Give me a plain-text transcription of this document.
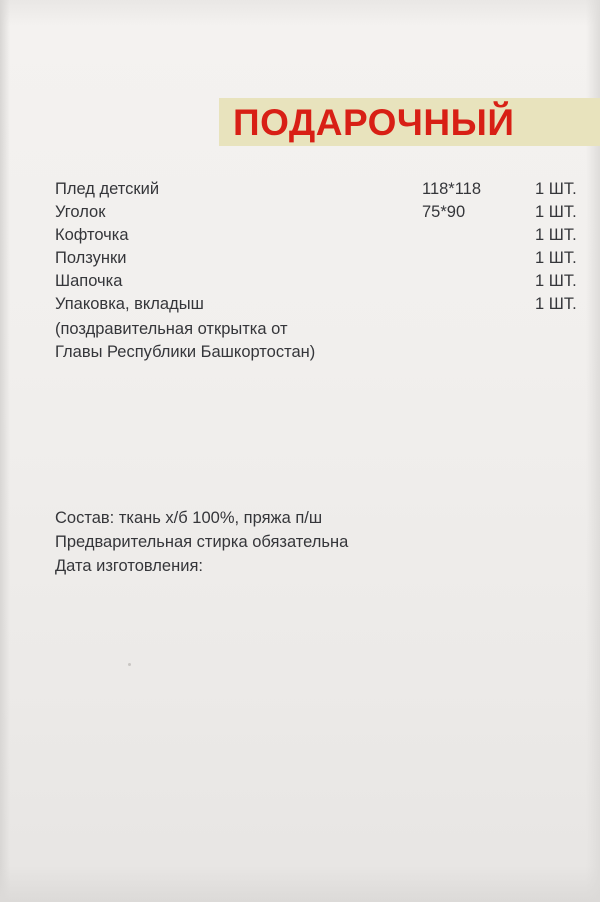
ПОДАРОЧНЫЙ
Плед детский	118*118	1 ШТ.
Уголок	75*90	1 ШТ.
Кофточка	1 ШТ.
Ползунки	1 ШТ.
Шапочка	1 ШТ.
Упаковка, вкладыш	1 ШТ.
(поздравительная открытка от
Главы Республики Башкортостан)
Состав: ткань х/б 100%, пряжа п/ш
Предварительная стирка обязательна
Дата изготовления:
